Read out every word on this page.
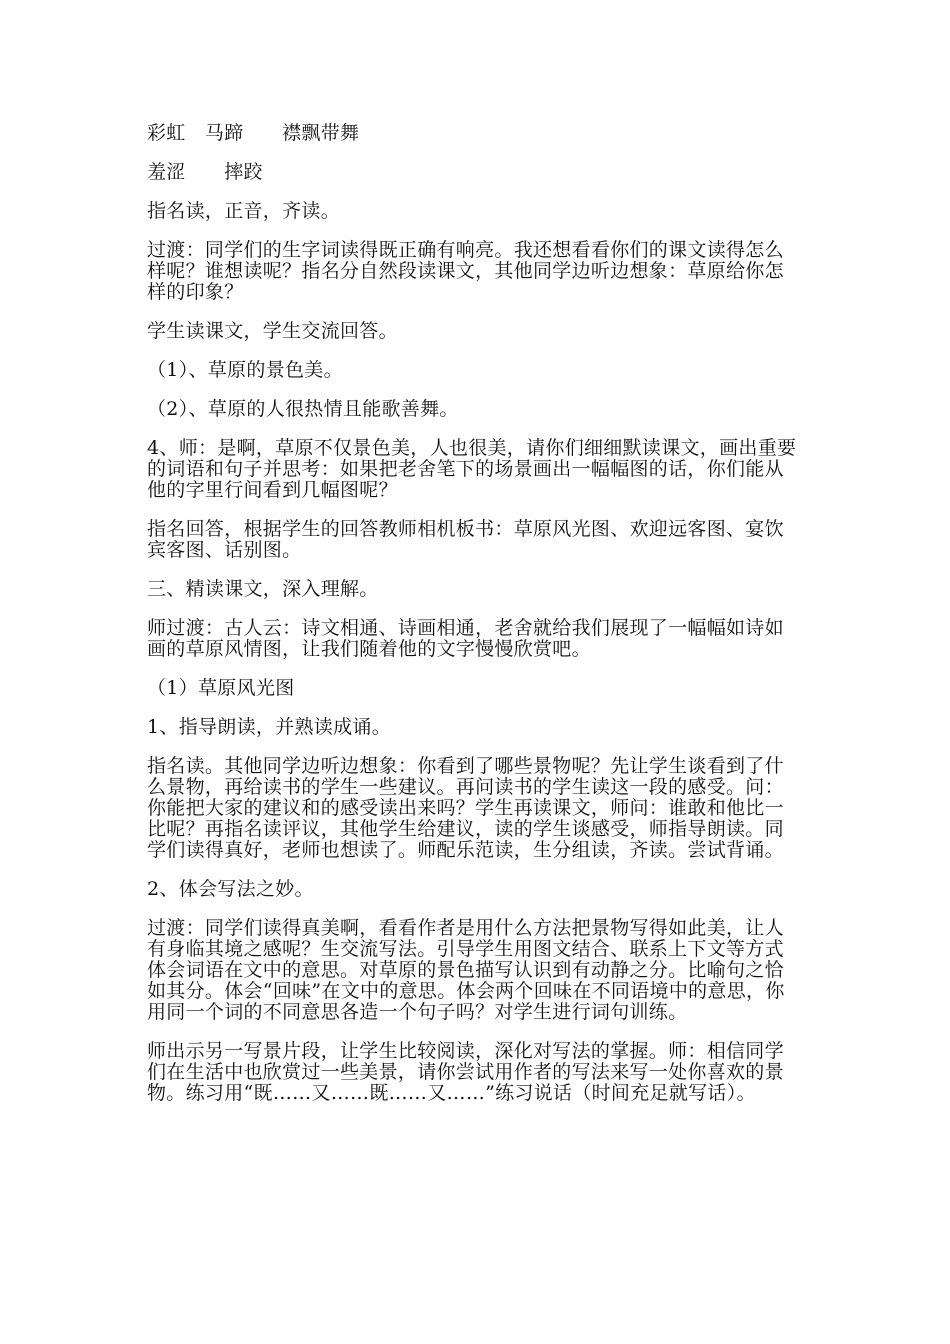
彩虹　马蹄　　襟飘带舞

羞涩　　摔跤

指名读，正音，齐读。

过渡：同学们的生字词读得既正确有响亮。我还想看看你们的课文读得怎么样呢？谁想读呢？指名分自然段读课文，其他同学边听边想象：草原给你怎样的印象？

学生读课文，学生交流回答。

（1）、草原的景色美。

（2）、草原的人很热情且能歌善舞。

4、师：是啊，草原不仅景色美，人也很美，请你们细细默读课文，画出重要的词语和句子并思考：如果把老舍笔下的场景画出一幅幅图的话，你们能从他的字里行间看到几幅图呢？

指名回答，根据学生的回答教师相机板书：草原风光图、欢迎远客图、宴饮宾客图、话别图。

三、精读课文，深入理解。

师过渡：古人云：诗文相通、诗画相通，老舍就给我们展现了一幅幅如诗如画的草原风情图，让我们随着他的文字慢慢欣赏吧。

（1）草原风光图

1、指导朗读，并熟读成诵。

指名读。其他同学边听边想象：你看到了哪些景物呢？先让学生谈看到了什么景物，再给读书的学生一些建议。再问读书的学生读这一段的感受。问：你能把大家的建议和的感受读出来吗？学生再读课文，师问：谁敢和他比一比呢？再指名读评议，其他学生给建议，读的学生谈感受，师指导朗读。同学们读得真好，老师也想读了。师配乐范读，生分组读，齐读。尝试背诵。

2、体会写法之妙。

过渡：同学们读得真美啊，看看作者是用什么方法把景物写得如此美，让人有身临其境之感呢？生交流写法。引导学生用图文结合、联系上下文等方式体会词语在文中的意思。对草原的景色描写认识到有动静之分。比喻句之恰如其分。体会“回味”在文中的意思。体会两个回味在不同语境中的意思，你用同一个词的不同意思各造一个句子吗？对学生进行词句训练。

师出示另一写景片段，让学生比较阅读，深化对写法的掌握。师：相信同学们在生活中也欣赏过一些美景，请你尝试用作者的写法来写一处你喜欢的景物。练习用“既……又……既……又……”练习说话（时间充足就写话）。
